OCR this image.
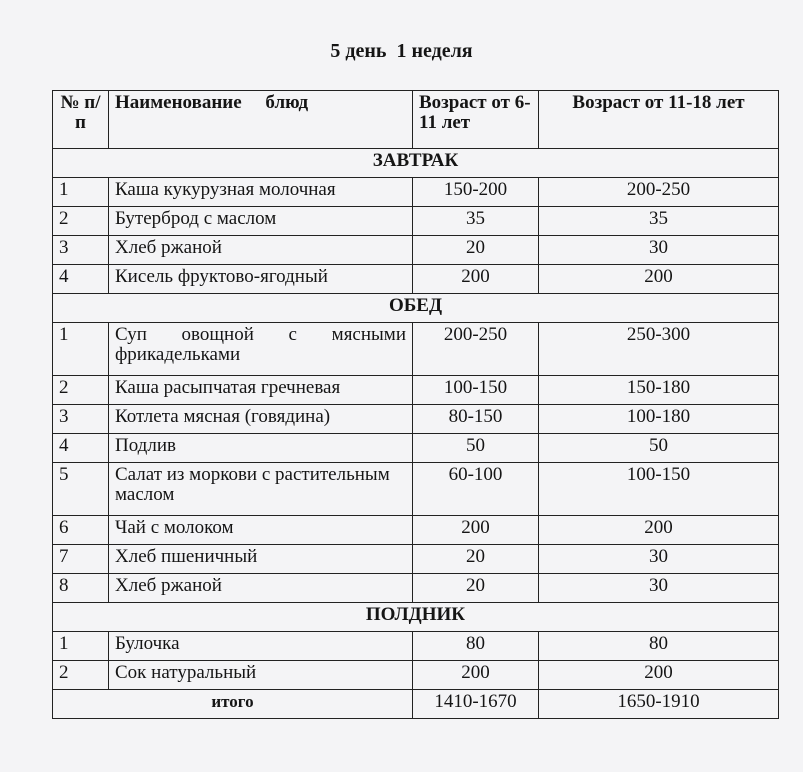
5 день  1 неделя
№ п/п	Наименование     блюд	Возраст от 6-11 лет	Возраст от 11-18 лет
ЗАВТРАК			
1	Каша кукурузная молочная	150-200	200-250
2	Бутерброд с маслом	35	35
3	Хлеб ржаной	20	30
4	Кисель фруктово-ягодный	200	200
ОБЕД			
1	Суп овощной с мясными фрикадельками	200-250	250-300
2	Каша расыпчатая гречневая	100-150	150-180
3	Котлета мясная (говядина)	80-150	100-180
4	Подлив	50	50
5	Салат из моркови с растительным маслом	60-100	100-150
6	Чай с молоком	200	200
7	Хлеб пшеничный	20	30
8	Хлеб ржаной	20	30
ПОЛДНИК			
1	Булочка	80	80
2	Сок натуральный	200	200
итого		1410-1670	1650-1910
